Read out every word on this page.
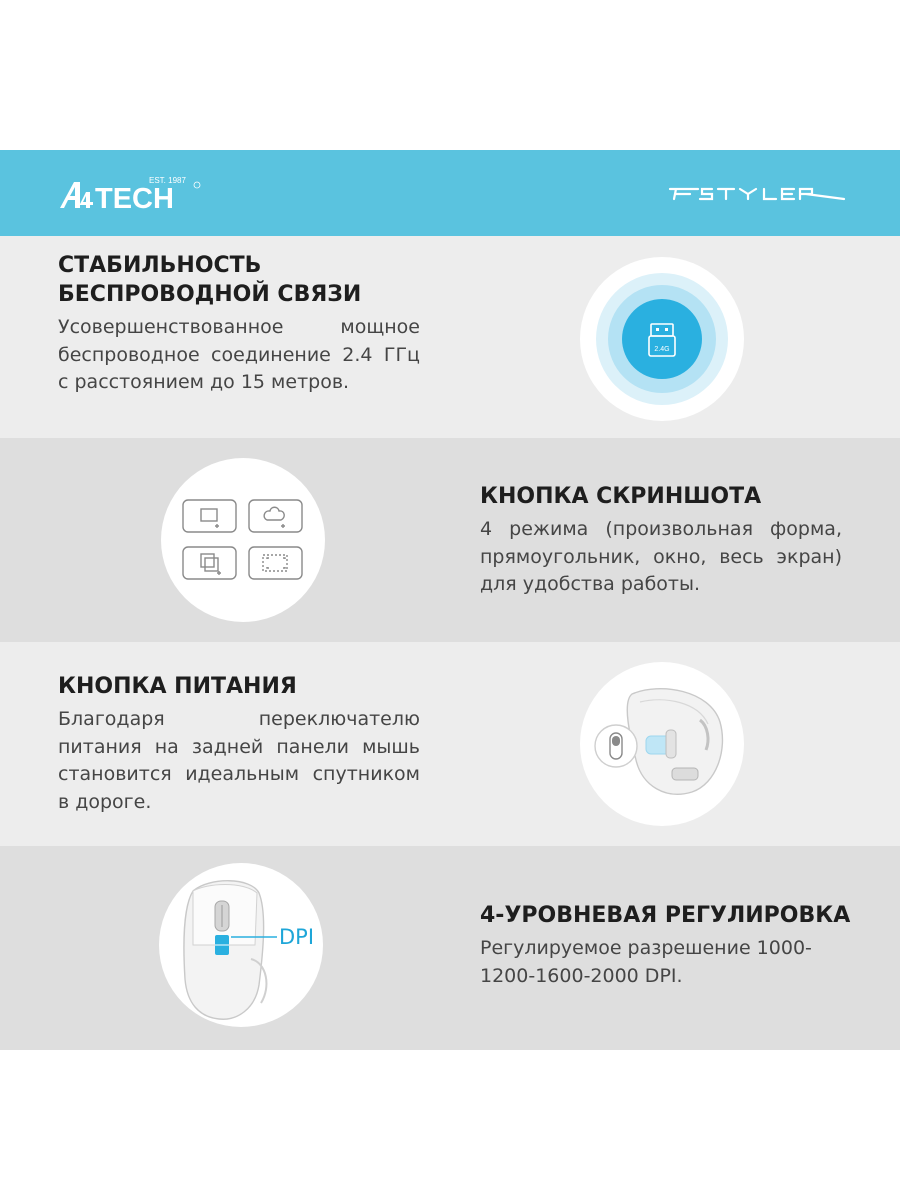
EST. 1987
TECH
СТАБИЛЬНОСТЬ
БЕСПРОВОДНОЙ СВЯЗИ

Усовершенствованное мощное беспроводное соединение 2.4 ГГц с расстоянием до 15 метров.

2.4G
КНОПКА СКРИНШОТА

4 режима (произвольная форма, прямоугольник, окно, весь экран) для удобства работы.

КНОПКА ПИТАНИЯ

Благодаря переключателю питания на задней панели мышь становится идеальным спутником в дороге.

DPI

4-УРОВНЕВАЯ РЕГУЛИРОВКА

Регулируемое разрешение 1000-1200-1600-2000 DPI.
